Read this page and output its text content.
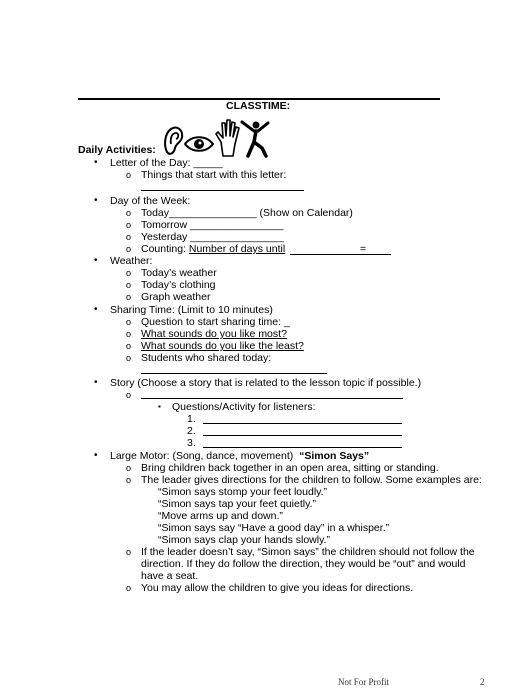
CLASSTIME:
Daily Activities:
• Letter of the Day: _____
o Things that start with this letter:
• Day of the Week:
o Today_______________ (Show on Calendar)
o Tomorrow ________________
o Yesterday ________________
o Counting: Number of days until	=
• Weather:
o Today’s weather
o Today’s clothing
o Graph weather
• Sharing Time: (Limit to 10 minutes)
o Question to start sharing time: _
o What sounds do you like most?
o What sounds do you like the least?
o Students who shared today:
• Story (Choose a story that is related to the lesson topic if possible.)
o
▪ Questions/Activity for listeners:
1.
2.
3.
• Large Motor: (Song, dance, movement) “Simon Says”
o Bring children back together in an open area, sitting or standing.
o The leader gives directions for the children to follow. Some examples are:
“Simon says stomp your feet loudly.”
“Simon says tap your feet quietly.”
“Move arms up and down.”
“Simon says say “Have a good day” in a whisper.”
“Simon says clap your hands slowly.”
o If the leader doesn’t say, “Simon says” the children should not follow the
direction. If they do follow the direction, they would be “out” and would
have a seat.
o You may allow the children to give you ideas for directions.
Not For Profit	2
